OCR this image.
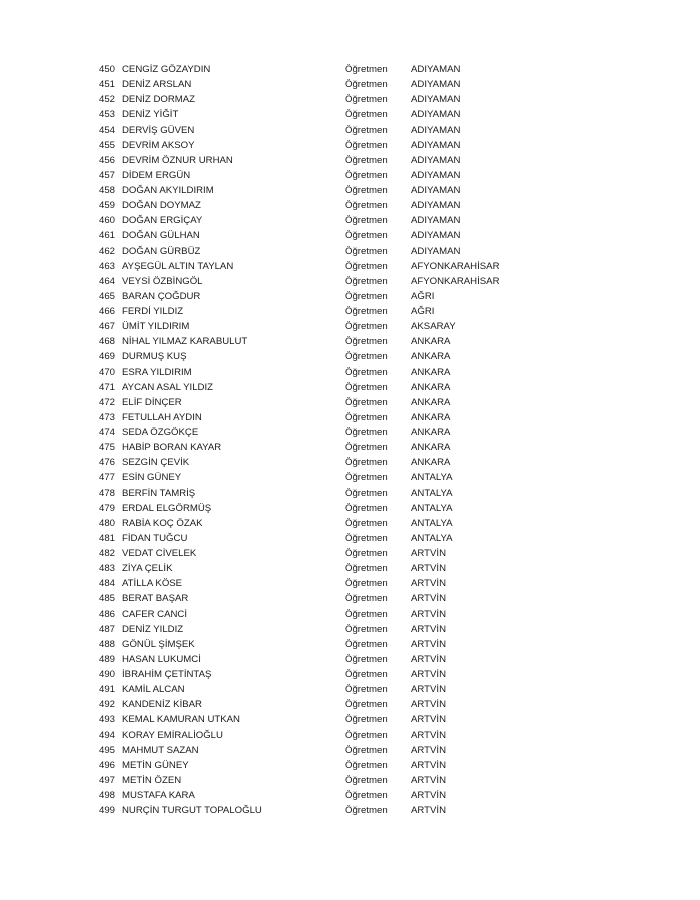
450 CENGİZ GÖZAYDIN	Öğretmen ADIYAMAN
451 DENİZ ARSLAN	Öğretmen ADIYAMAN
452 DENİZ DORMAZ	Öğretmen ADIYAMAN
453 DENİZ YİĞİT	Öğretmen ADIYAMAN
454 DERVİŞ GÜVEN	Öğretmen ADIYAMAN
455 DEVRİM AKSOY	Öğretmen ADIYAMAN
456 DEVRİM ÖZNUR URHAN	Öğretmen ADIYAMAN
457 DİDEM ERGÜN	Öğretmen ADIYAMAN
458 DOĞAN AKYILDIRIM	Öğretmen ADIYAMAN
459 DOĞAN DOYMAZ	Öğretmen ADIYAMAN
460 DOĞAN ERGİÇAY	Öğretmen ADIYAMAN
461 DOĞAN GÜLHAN	Öğretmen ADIYAMAN
462 DOĞAN GÜRBÜZ	Öğretmen ADIYAMAN
463 AYŞEGÜL ALTIN TAYLAN	Öğretmen AFYONKARAHİSAR
464 VEYSİ ÖZBİNGÖL	Öğretmen AFYONKARAHİSAR
465 BARAN ÇOĞDUR	Öğretmen AĞRI
466 FERDİ YILDIZ	Öğretmen AĞRI
467 ÜMİT YILDIRIM	Öğretmen AKSARAY
468 NİHAL YILMAZ KARABULUT	Öğretmen ANKARA
469 DURMUŞ KUŞ	Öğretmen ANKARA
470 ESRA YILDIRIM	Öğretmen ANKARA
471 AYCAN ASAL YILDIZ	Öğretmen ANKARA
472 ELİF DİNÇER	Öğretmen ANKARA
473 FETULLAH AYDIN	Öğretmen ANKARA
474 SEDA ÖZGÖKÇE	Öğretmen ANKARA
475 HABİP BORAN KAYAR	Öğretmen ANKARA
476 SEZGİN ÇEVİK	Öğretmen ANKARA
477 ESİN GÜNEY	Öğretmen ANTALYA
478 BERFİN TAMRİŞ	Öğretmen ANTALYA
479 ERDAL ELGÖRMÜŞ	Öğretmen ANTALYA
480 RABİA KOÇ ÖZAK	Öğretmen ANTALYA
481 FİDAN TUĞCU	Öğretmen ANTALYA
482 VEDAT CİVELEK	Öğretmen ARTVİN
483 ZİYA ÇELİK	Öğretmen ARTVİN
484 ATİLLA KÖSE	Öğretmen ARTVİN
485 BERAT BAŞAR	Öğretmen ARTVİN
486 CAFER CANCİ	Öğretmen ARTVİN
487 DENİZ YILDIZ	Öğretmen ARTVİN
488 GÖNÜL ŞİMŞEK	Öğretmen ARTVİN
489 HASAN LUKUMCİ	Öğretmen ARTVİN
490 İBRAHİM ÇETİNTAŞ	Öğretmen ARTVİN
491 KAMİL ALCAN	Öğretmen ARTVİN
492 KANDENİZ KİBAR	Öğretmen ARTVİN
493 KEMAL KAMURAN UTKAN	Öğretmen ARTVİN
494 KORAY EMİRALİOĞLU	Öğretmen ARTVİN
495 MAHMUT SAZAN	Öğretmen ARTVİN
496 METİN GÜNEY	Öğretmen ARTVİN
497 METİN ÖZEN	Öğretmen ARTVİN
498 MUSTAFA KARA	Öğretmen ARTVİN
499 NURÇİN TURGUT TOPALOĞLU	Öğretmen ARTVİN
